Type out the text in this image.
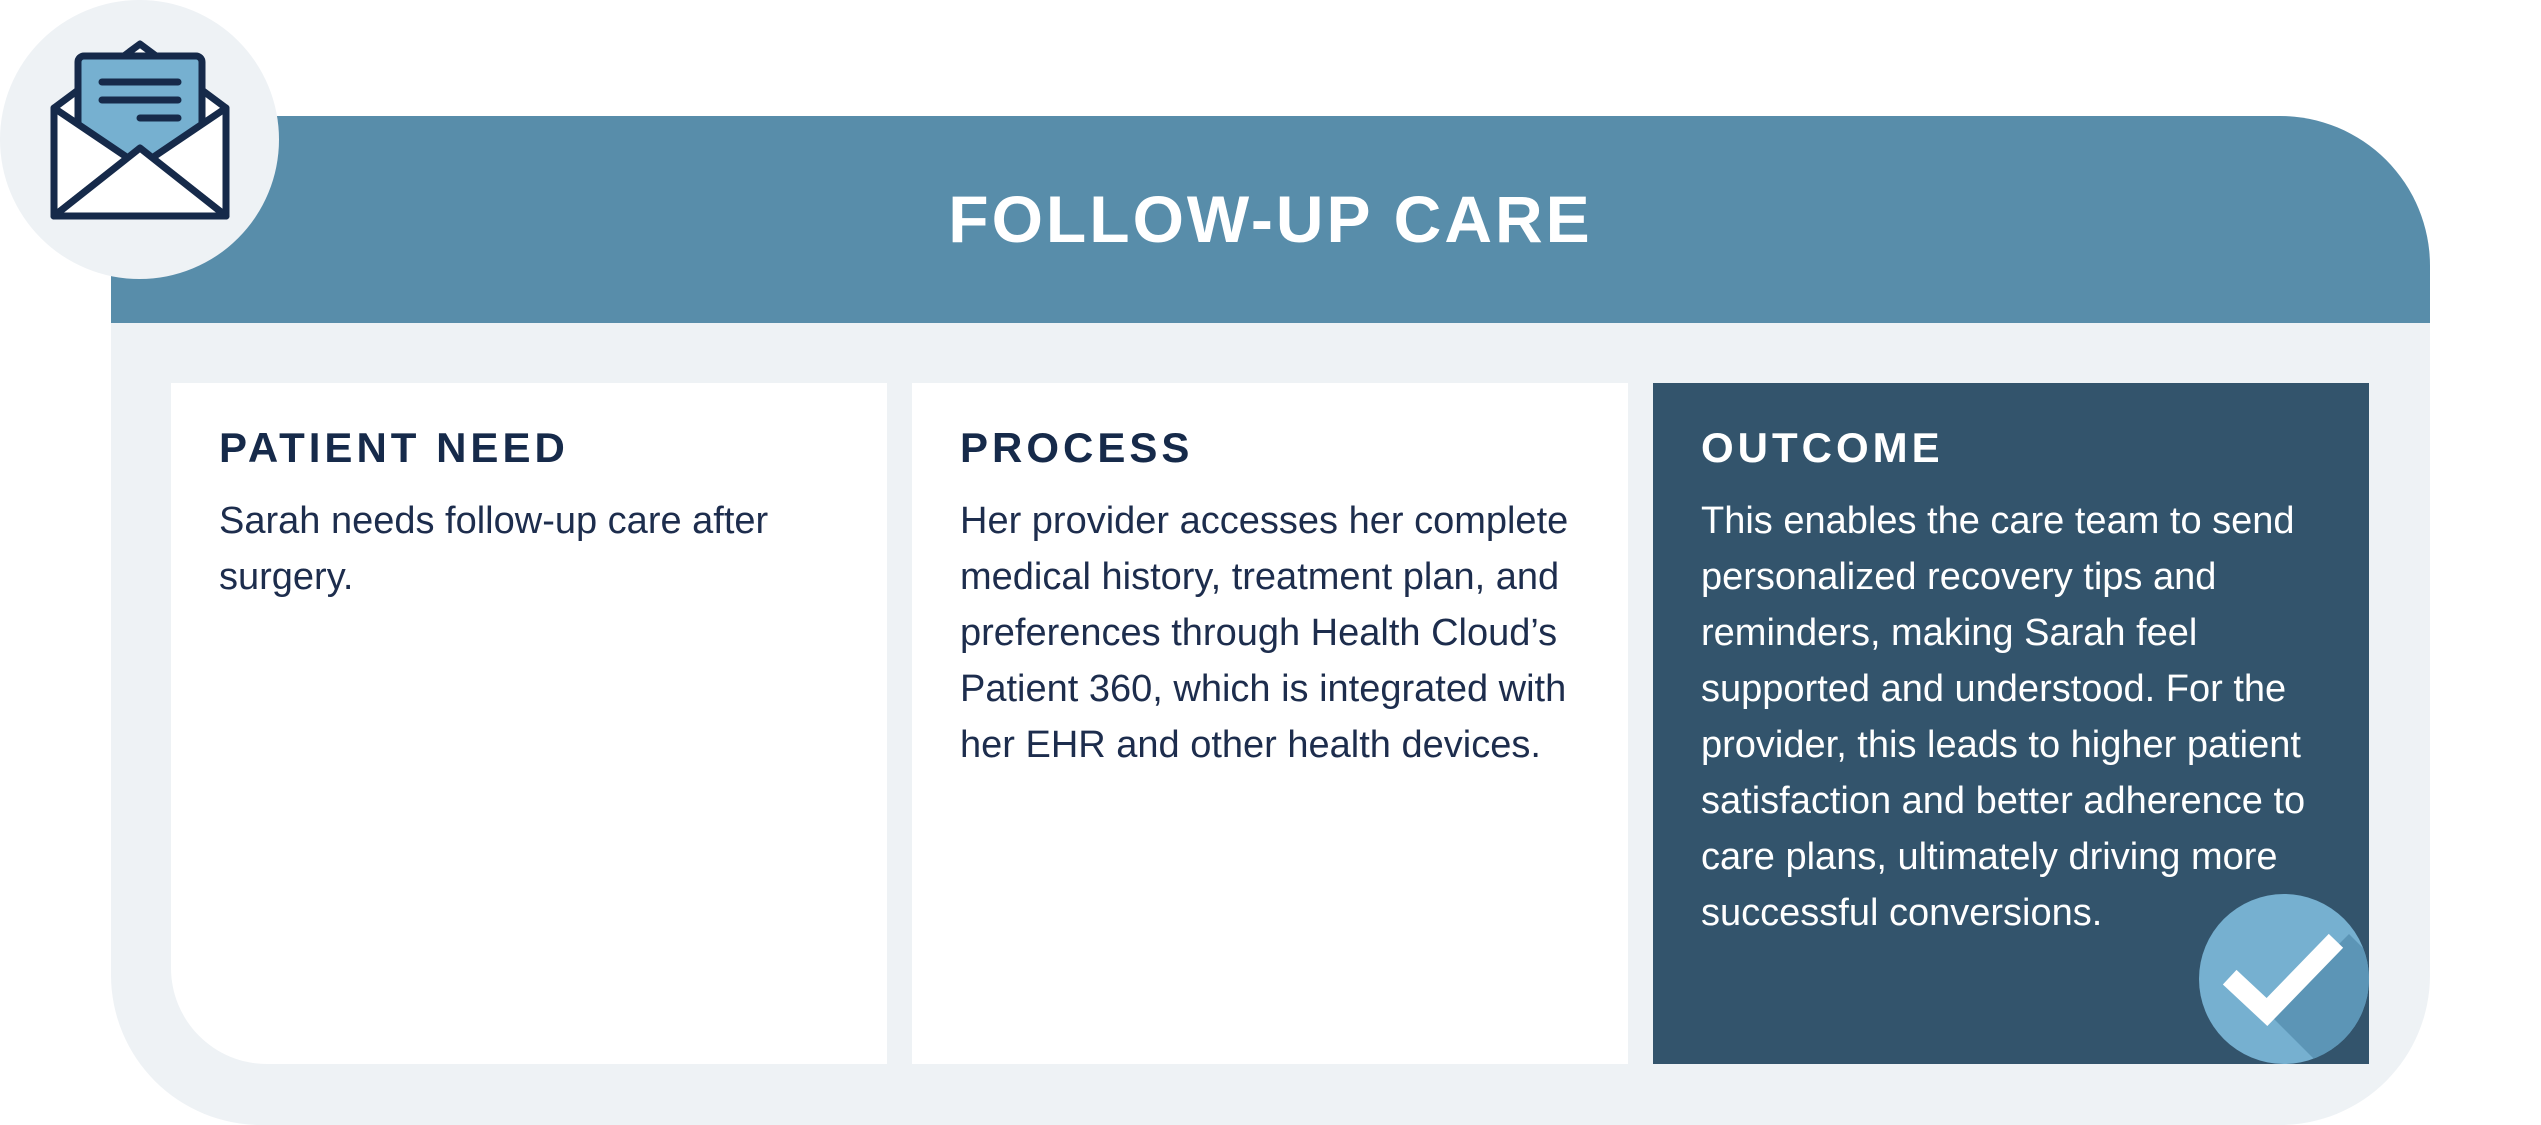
FOLLOW-UP CARE
PATIENT NEED

Sarah needs follow-up care after surgery.

PROCESS

Her provider accesses her complete medical history, treatment plan, and preferences through Health Cloud’s Patient 360, which is integrated with her EHR and other health devices.

OUTCOME

This enables the care team to send personalized recovery tips and reminders, making Sarah feel supported and understood. For the provider, this leads to higher patient satisfaction and better adherence to care plans, ultimately driving more successful conversions.
